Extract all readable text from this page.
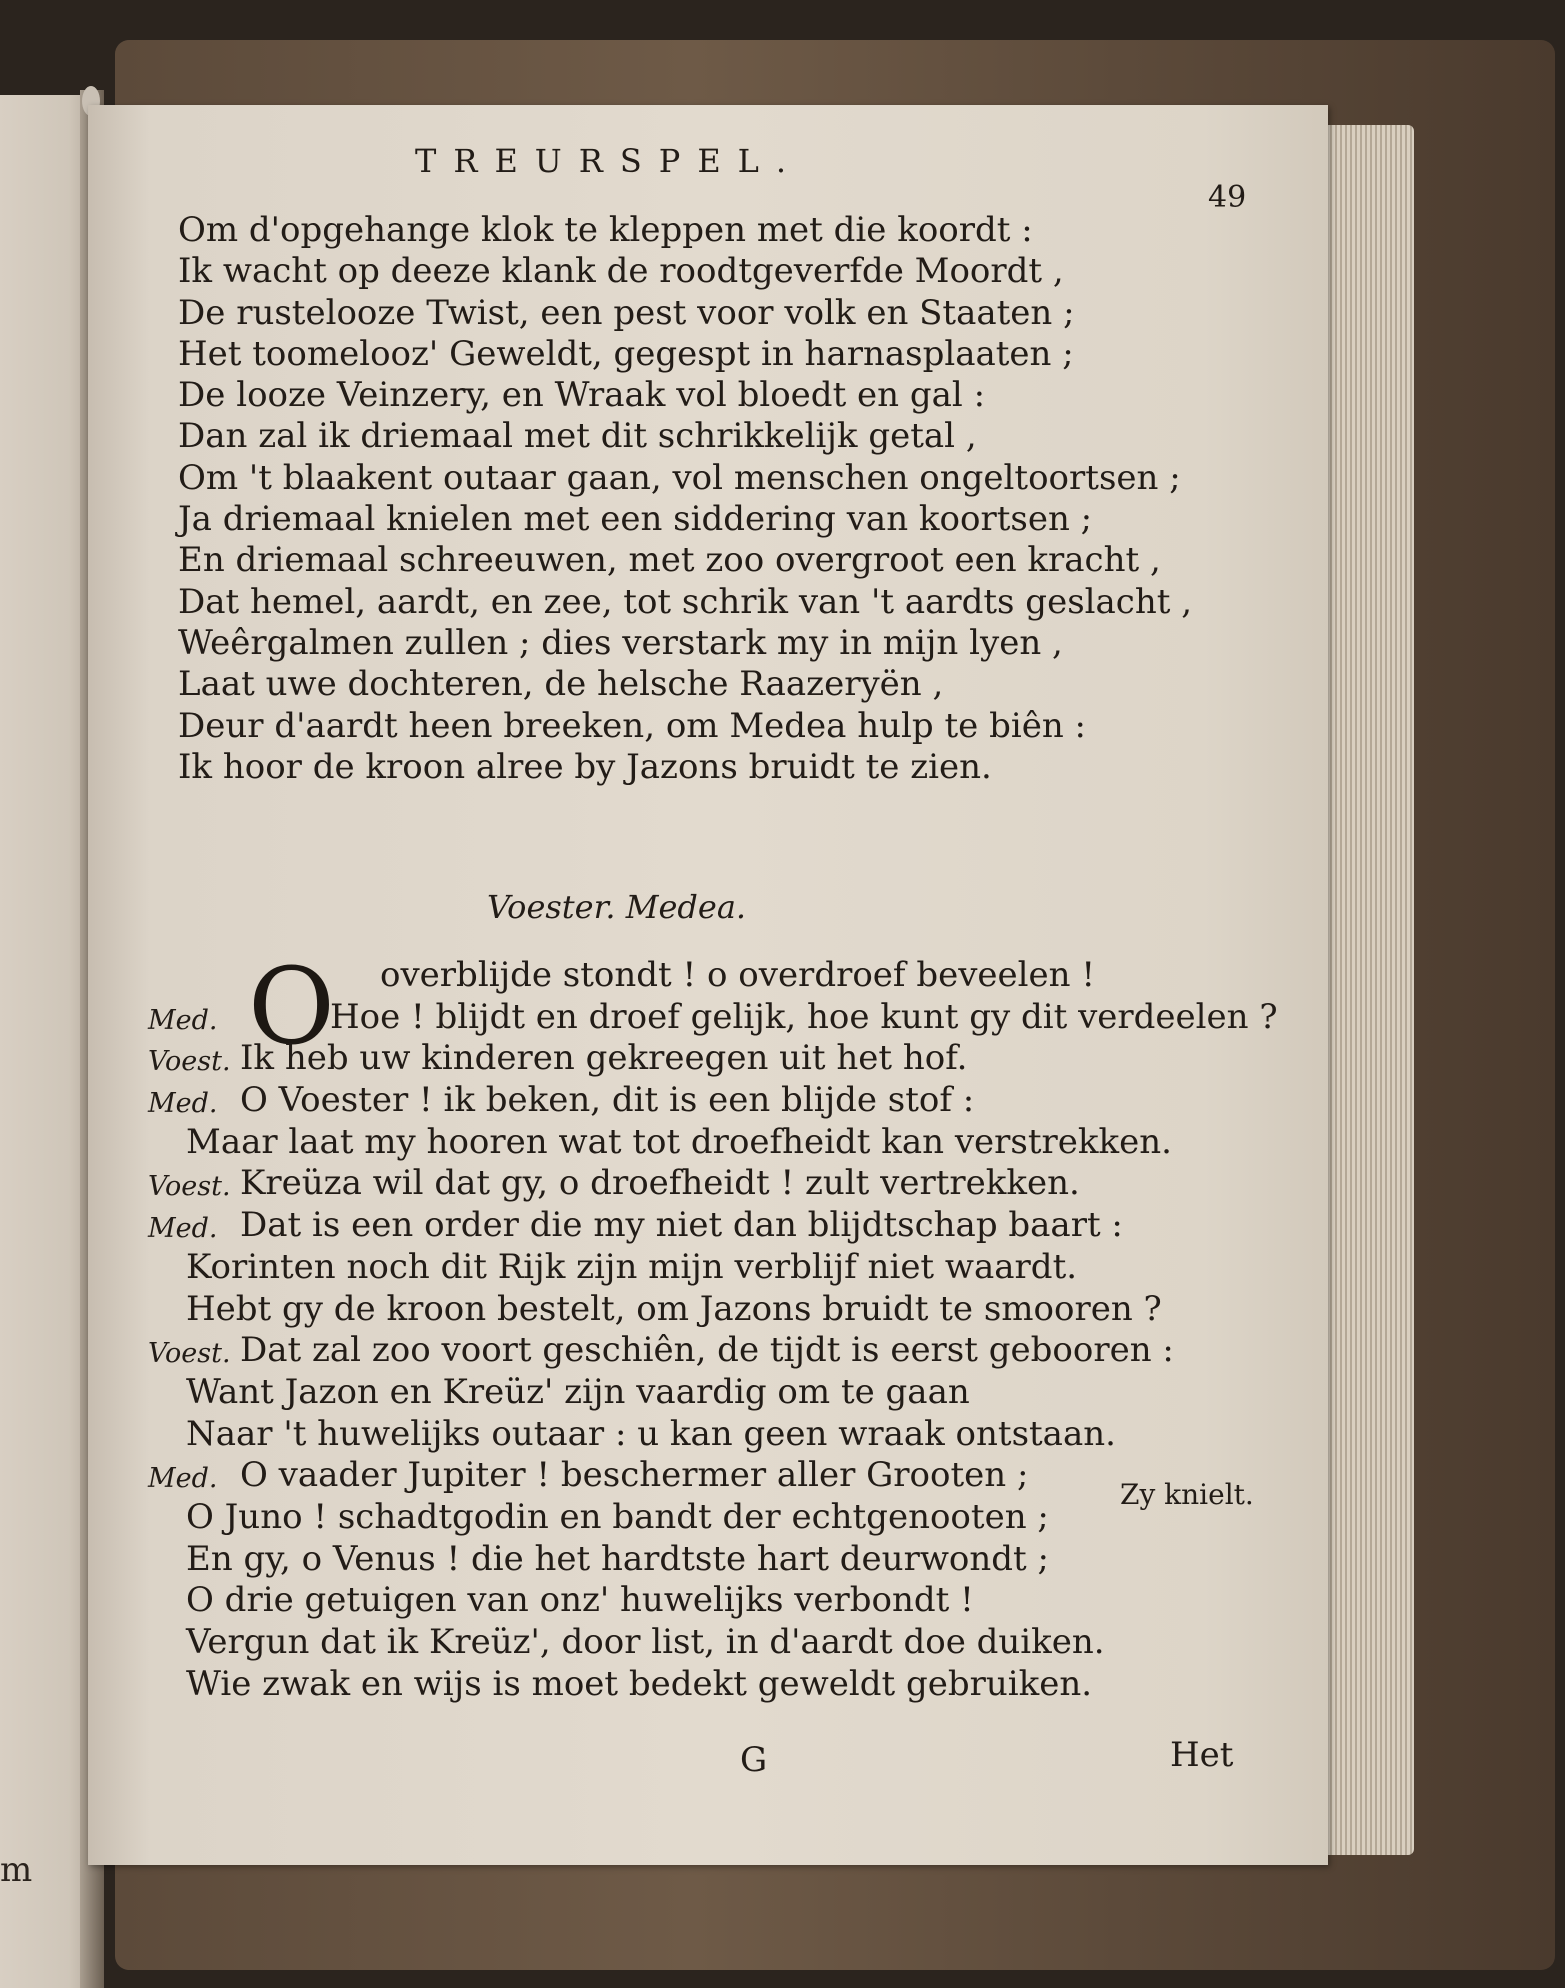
m
TREURSPEL.
49
Om d'opgehange klok te kleppen met die koordt :
Ik wacht op deeze klank de roodtgeverfde Moordt ,
De rustelooze Twist, een pest voor volk en Staaten ;
Het toomelooz' Geweldt, gegespt in harnasplaaten ;
De looze Veinzery, en Wraak vol bloedt en gal :
Dan zal ik driemaal met dit schrikkelijk getal ,
Om 't blaakent outaar gaan, vol menschen ongeltoortsen ;
Ja driemaal knielen met een siddering van koortsen ;
En driemaal schreeuwen, met zoo overgroot een kracht ,
Dat hemel, aardt, en zee, tot schrik van 't aardts geslacht ,
Weêrgalmen zullen ; dies verstark my in mijn lyen ,
Laat uwe dochteren, de helsche Raazeryën ,
Deur d'aardt heen breeken, om Medea hulp te biên :
Ik hoor de kroon alree by Jazons bruidt te zien.
Voester. Medea.
O overblijde stondt ! o overdroef beveelen !
Med.	Hoe ! blijdt en droef gelijk, hoe kunt gy dit verdeelen ?
Voest. Ik heb uw kinderen gekreegen uit het hof.
Med. O Voester ! ik beken, dit is een blijde stof :
Maar laat my hooren wat tot droefheidt kan verstrekken.
Voest. Kreüza wil dat gy, o droefheidt ! zult vertrekken.
Med. Dat is een order die my niet dan blijdtschap baart :
Korinten noch dit Rijk zijn mijn verblijf niet waardt.
Hebt gy de kroon bestelt, om Jazons bruidt te smooren ?
Voest. Dat zal zoo voort geschiên, de tijdt is eerst gebooren :
Want Jazon en Kreüz' zijn vaardig om te gaan
Naar 't huwelijks outaar : u kan geen wraak ontstaan.
Med. O vaader Jupiter ! beschermer aller Grooten ;
O Juno ! schadtgodin en bandt der echtgenooten ;
En gy, o Venus ! die het hardtste hart deurwondt ;
O drie getuigen van onz' huwelijks verbondt !
Vergun dat ik Kreüz', door list, in d'aardt doe duiken.
Wie zwak en wijs is moet bedekt geweldt gebruiken.
Zy knielt.
G	Het
